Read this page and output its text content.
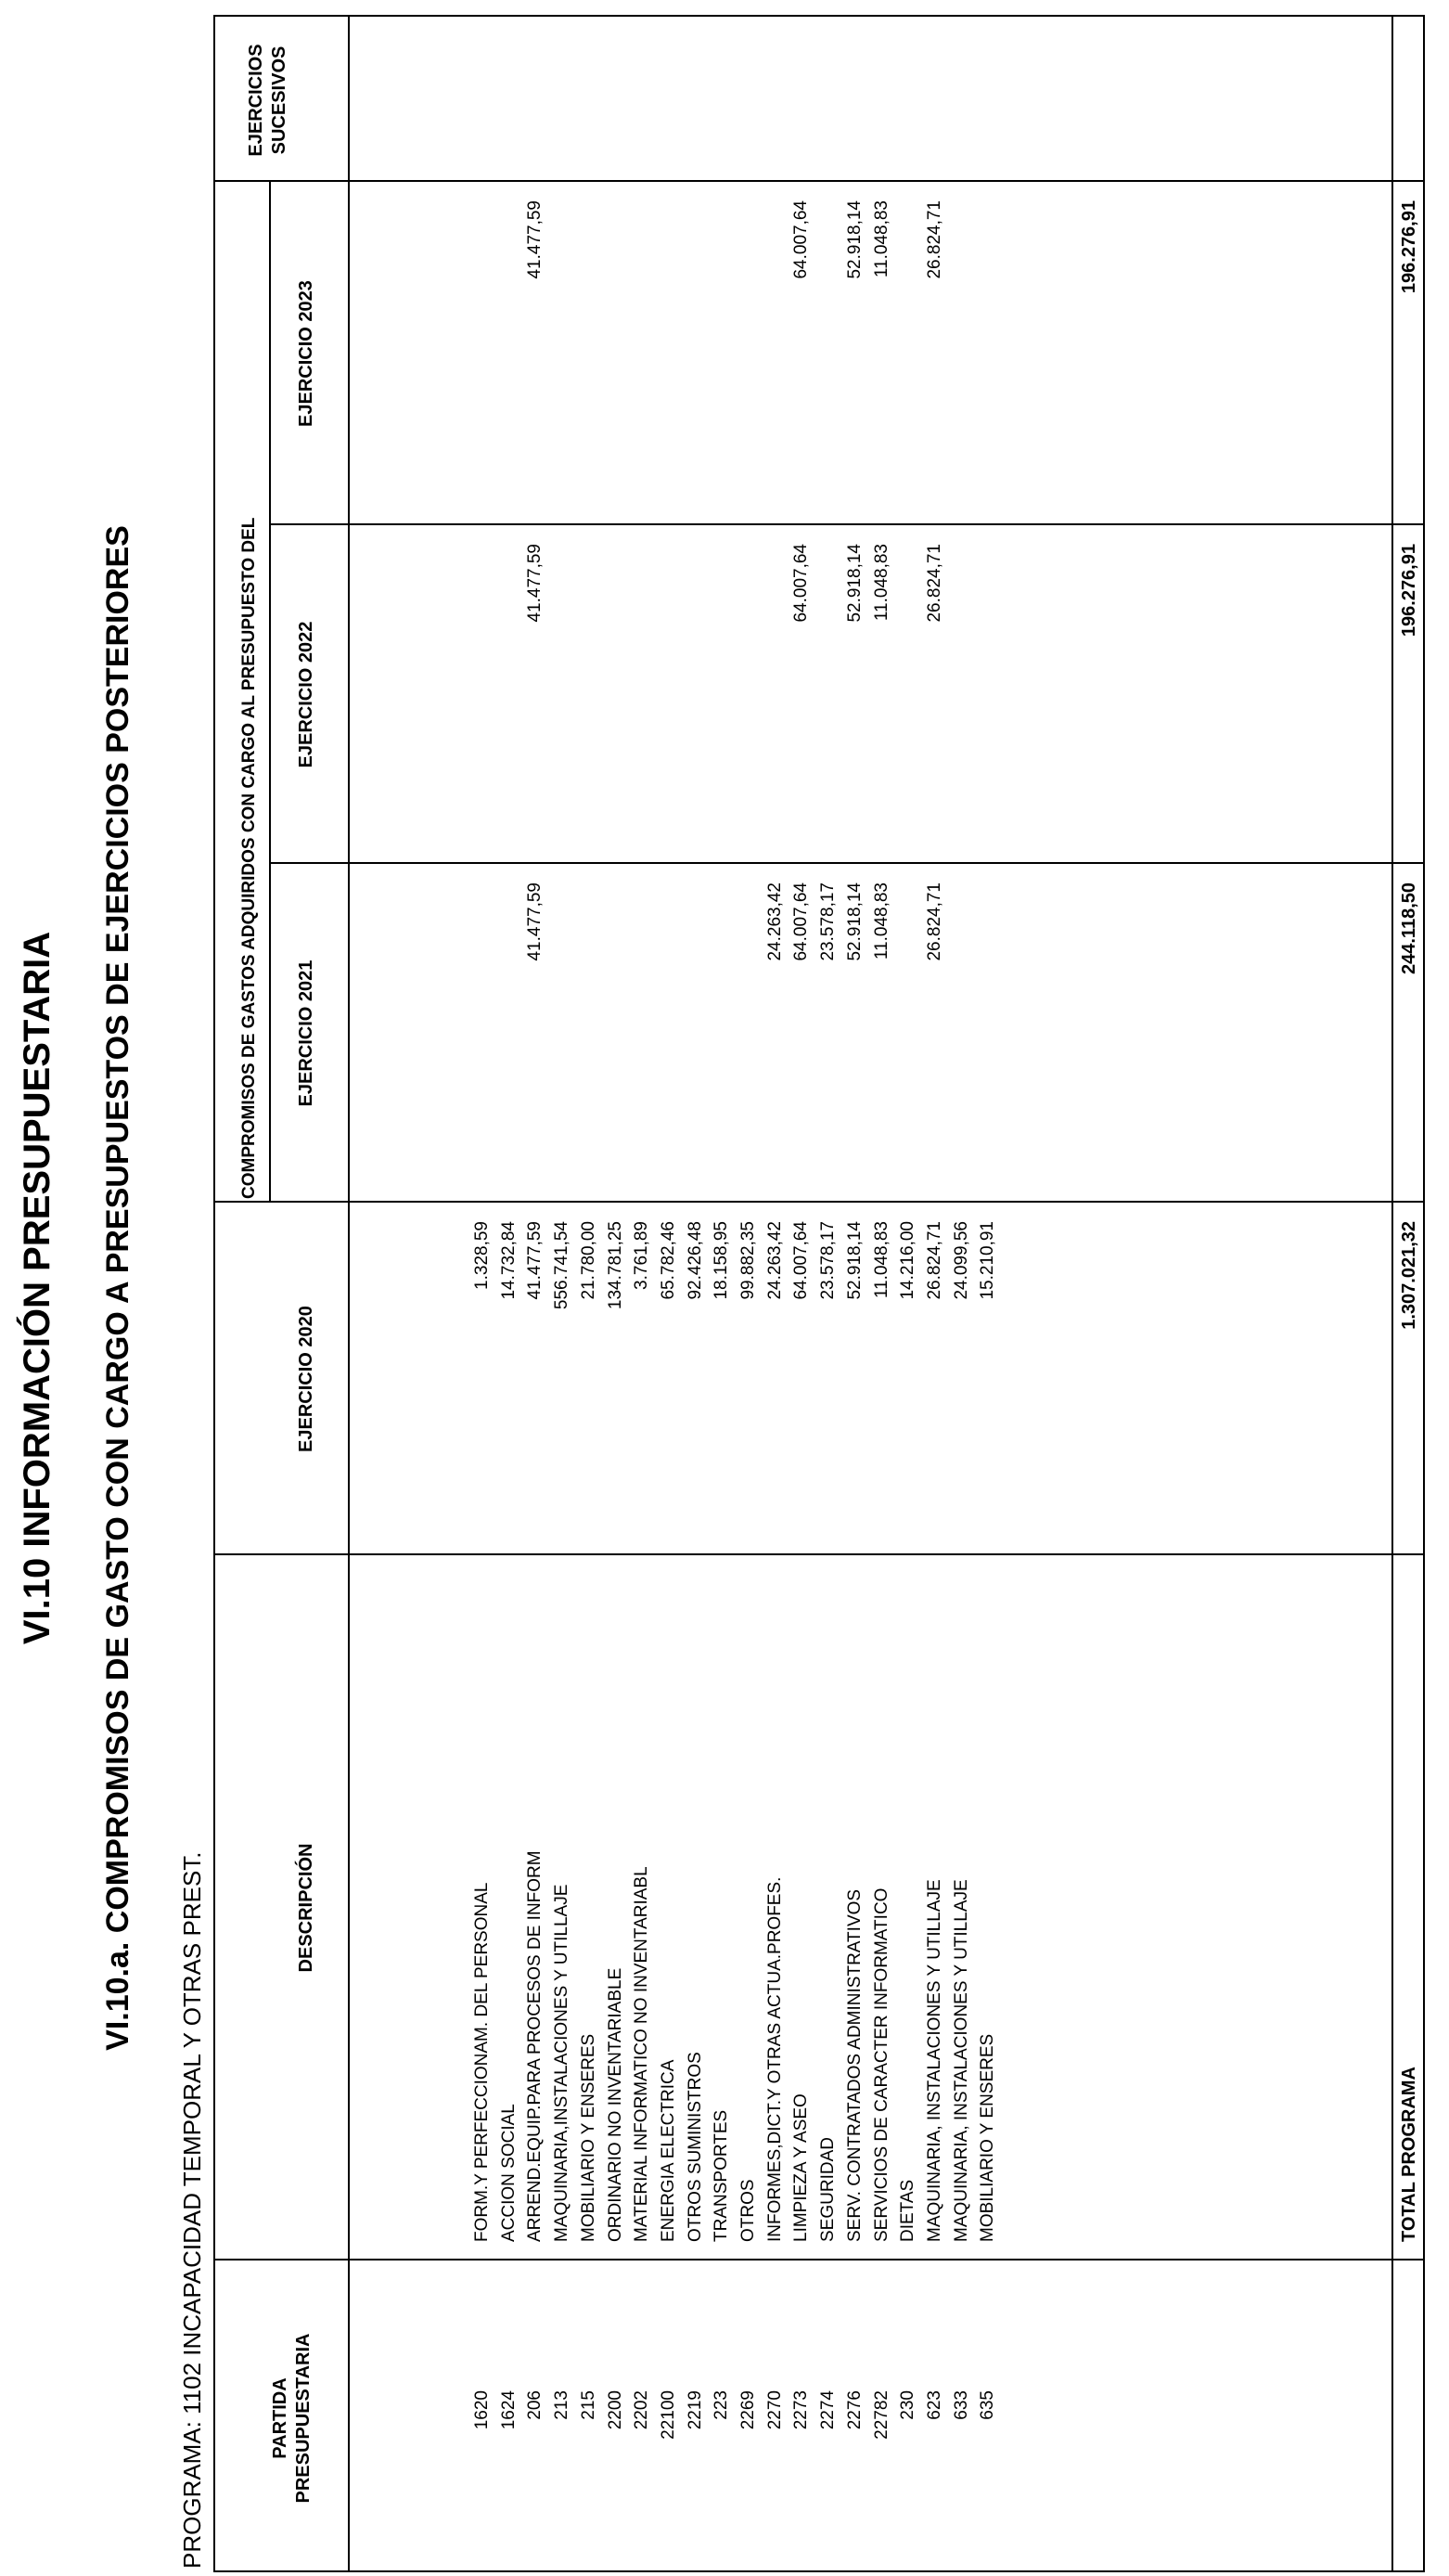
VI.10 INFORMACIÓN PRESUPUESTARIA VI.10.a. COMPROMISOS DE GASTO CON CARGO A PRESUPUESTOS DE EJERCICIOS POSTERIORES
PROGRAMA: 1102 INCAPACIDAD TEMPORAL Y OTRAS PREST.	PARTIDA PRESUPUESTARIA
DESCRIPCIÓN
EJERCICIO 2020
COMPROMISOS DE GASTOS ADQUIRIDOS CON CARGO AL PRESUPUESTO DEL EJERCICIO 2021
EJERCICIO 2022
EJERCICIO 2023
EJERCICIOS SUCESIVOS
1620
FORM.Y PERFECCIONAM. DEL PERSONAL
1.328,59
1624
ACCION SOCIAL
14.732,84
206
ARREND.EQUIP.PARA PROCESOS DE INFORM
41.477,59
41.477,59
41.477,59
41.477,59
213
MAQUINARIA,INSTALACIONES Y UTILLAJE
556.741,54
215
MOBILIARIO Y ENSERES
21.780,00
2200
ORDINARIO NO INVENTARIABLE
134.781,25
2202
MATERIAL INFORMATICO NO INVENTARIABL
3.761,89
22100
ENERGIA ELECTRICA
65.782,46
2219
OTROS SUMINISTROS
92.426,48
223
TRANSPORTES
18.158,95
2269
OTROS
99.882,35
2270
INFORMES,DICT.Y OTRAS ACTUA.PROFES.
24.263,42
24.263,42
2273
LIMPIEZA Y ASEO
64.007,64
64.007,64
64.007,64
64.007,64
2274
SEGURIDAD
23.578,17
23.578,17
2276
SERV. CONTRATADOS ADMINISTRATIVOS
52.918,14
52.918,14
52.918,14
52.918,14
22782
SERVICIOS DE CARACTER INFORMATICO
11.048,83
11.048,83
11.048,83
11.048,83
230
DIETAS
14.216,00
623
MAQUINARIA, INSTALACIONES Y UTILLAJE
26.824,71
26.824,71
26.824,71
26.824,71
633
MAQUINARIA, INSTALACIONES Y UTILLAJE
24.099,56
635
MOBILIARIO Y ENSERES
15.210,91
TOTAL PROGRAMA
1.307.021,32
244.118,50
196.276,91
196.276,91
